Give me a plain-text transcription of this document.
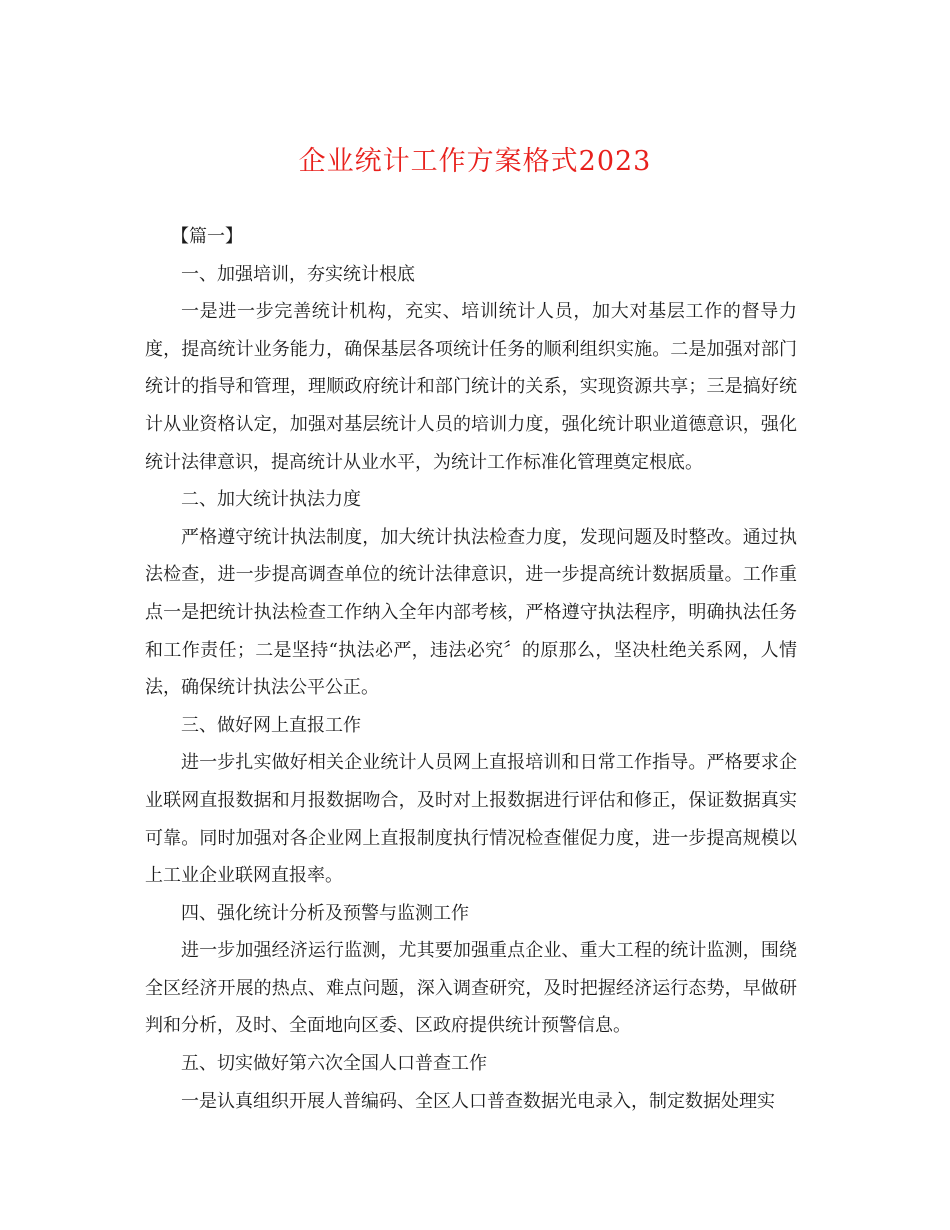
企业统计工作方案格式2023

【篇一】

一、加强培训，夯实统计根底

一是进一步完善统计机构，充实、培训统计人员，加大对基层工作的督导力度，提高统计业务能力，确保基层各项统计任务的顺利组织实施。二是加强对部门统计的指导和管理，理顺政府统计和部门统计的关系，实现资源共享；三是搞好统计从业资格认定，加强对基层统计人员的培训力度，强化统计职业道德意识，强化统计法律意识，提高统计从业水平，为统计工作标准化管理奠定根底。

二、加大统计执法力度

严格遵守统计执法制度，加大统计执法检查力度，发现问题及时整改。通过执法检查，进一步提高调查单位的统计法律意识，进一步提高统计数据质量。工作重点一是把统计执法检查工作纳入全年内部考核，严格遵守执法程序，明确执法任务和工作责任；二是坚持“执法必严，违法必究〞的原那么，坚决杜绝关系网，人情法，确保统计执法公平公正。

三、做好网上直报工作

进一步扎实做好相关企业统计人员网上直报培训和日常工作指导。严格要求企业联网直报数据和月报数据吻合，及时对上报数据进行评估和修正，保证数据真实可靠。同时加强对各企业网上直报制度执行情况检查催促力度，进一步提高规模以上工业企业联网直报率。

四、强化统计分析及预警与监测工作

进一步加强经济运行监测，尤其要加强重点企业、重大工程的统计监测，围绕全区经济开展的热点、难点问题，深入调查研究，及时把握经济运行态势，早做研判和分析，及时、全面地向区委、区政府提供统计预警信息。

五、切实做好第六次全国人口普查工作

一是认真组织开展人普编码、全区人口普查数据光电录入，制定数据处理实
